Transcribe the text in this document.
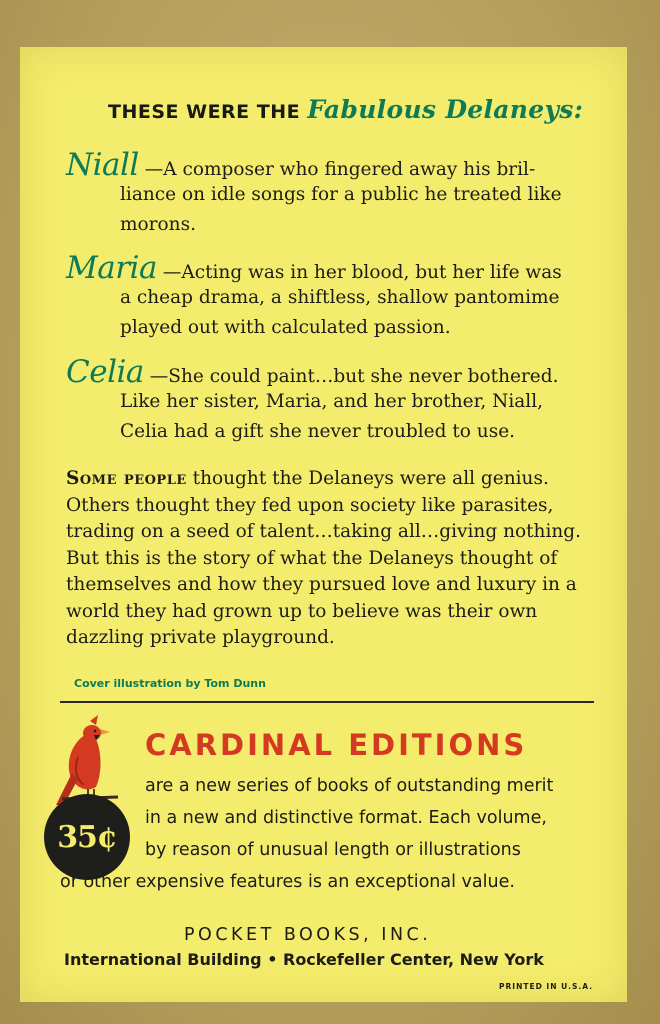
THESE WERE THE Fabulous Delaneys:
Niall —A composer who fingered away his bril-
liance on idle songs for a public he treated like morons.
Maria —Acting was in her blood, but her life was
a cheap drama, a shiftless, shallow pantomime played out with calculated passion.
Celia —She could paint…but she never bothered.
Like her sister, Maria, and her brother, Niall, Celia had a gift she never troubled to use.
Some people thought the Delaneys were all genius. Others thought they fed upon society like parasites, trading on a seed of talent…taking all…giving nothing. But this is the story of what the Delaneys thought of themselves and how they pursued love and luxury in a world they had grown up to believe was their own dazzling private playground.
Cover illustration by Tom Dunn
35¢
CARDINAL EDITIONS
are a new series of books of outstanding merit
in a new and distinctive format. Each volume,
by reason of unusual length or illustrations
or other expensive features is an exceptional value.
POCKET BOOKS, INC.
International Building • Rockefeller Center, New York
PRINTED IN U.S.A.
